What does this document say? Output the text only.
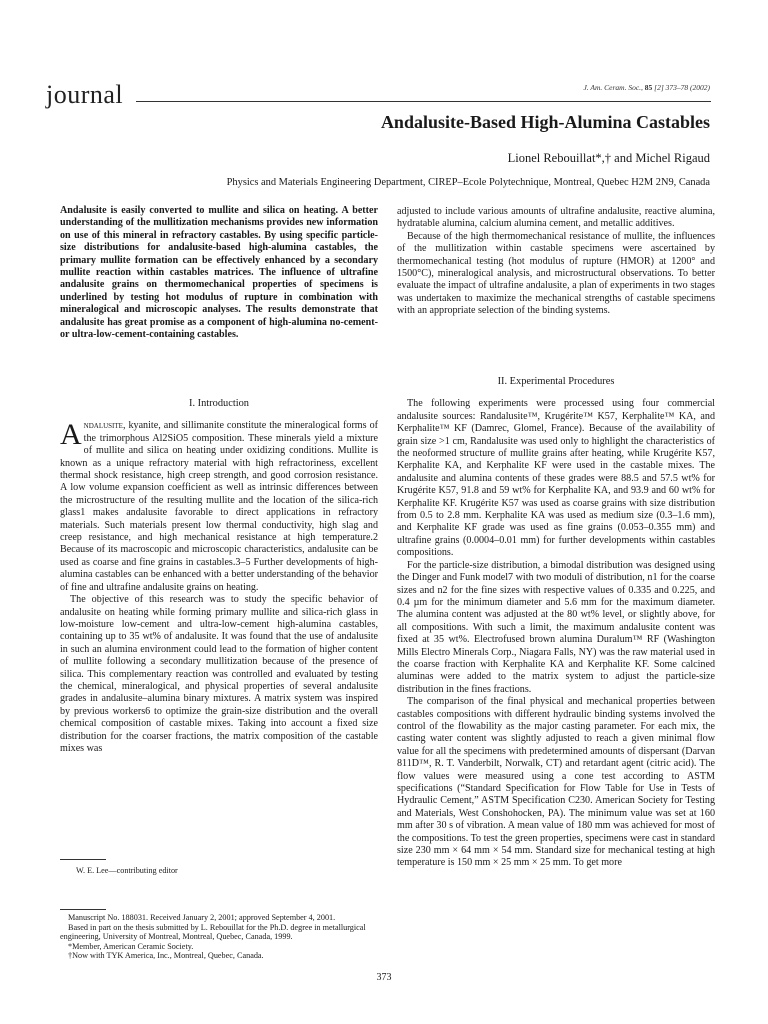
journal	J. Am. Ceram. Soc., 85 [2] 373–78 (2002)
Andalusite-Based High-Alumina Castables
Lionel Rebouillat*,† and Michel Rigaud
Physics and Materials Engineering Department, CIREP–Ecole Polytechnique, Montreal, Quebec H2M 2N9, Canada
Andalusite is easily converted to mullite and silica on heating. A better understanding of the mullitization mechanisms provides new information on use of this mineral in refractory castables. By using specific particle-size distributions for andalusite-based high-alumina castables, the primary mullite formation can be effectively enhanced by a secondary mullite reaction within castables matrices. The influence of ultrafine andalusite grains on thermomechanical properties of specimens is underlined by testing hot modulus of rupture in combination with mineralogical and microscopic analyses. The results demonstrate that andalusite has great promise as a component of high-alumina no-cement- or ultra-low-cement-containing castables.

I. Introduction

Andalusite, kyanite, and sillimanite constitute the mineralogical forms of the trimorphous Al2SiO5 composition. These minerals yield a mixture of mullite and silica on heating under oxidizing conditions. Mullite is known as a unique refractory material with high refractoriness, excellent thermal shock resistance, high creep strength, and good corrosion resistance. A low volume expansion coefficient as well as intrinsic differences between the microstructure of the resulting mullite and the location of the silica-rich glass1 makes andalusite favorable to direct applications in refractory materials. Such materials present low thermal conductivity, high slag and creep resistance, and high mechanical resistance at high temperature.2 Because of its macroscopic and microscopic characteristics, andalusite can be used as coarse and fine grains in castables.3–5 Further developments of high-alumina castables can be enhanced with a better understanding of the behavior of fine and ultrafine andalusite grains on heating.

The objective of this research was to study the specific behavior of andalusite on heating while forming primary mullite and silica-rich glass in low-moisture low-cement and ultra-low-cement high-alumina castables, containing up to 35 wt% of andalusite. It was found that the use of andalusite in such an alumina environment could lead to the formation of higher content of mullite following a secondary mullitization because of the presence of silica. This complementary reaction was controlled and evaluated by testing the chemical, mineralogical, and physical properties of several andalusite grades in andalusite–alumina binary mixtures. A matrix system was inspired by previous workers6 to optimize the grain-size distribution and the overall chemical composition of castable mixes. Taking into account a fixed size distribution for the coarser fractions, the matrix composition of the castable mixes was

W. E. Lee—contributing editor

Manuscript No. 188031. Received January 2, 2001; approved September 4, 2001.

Based in part on the thesis submitted by L. Rebouillat for the Ph.D. degree in metallurgical engineering, University of Montreal, Montreal, Quebec, Canada, 1999.

*Member, American Ceramic Society.

†Now with TYK America, Inc., Montreal, Quebec, Canada.

adjusted to include various amounts of ultrafine andalusite, reactive alumina, hydratable alumina, calcium alumina cement, and metallic additives.

Because of the high thermomechanical resistance of mullite, the influences of the mullitization within castable specimens were ascertained by thermomechanical testing (hot modulus of rupture (HMOR) at 1200° and 1500°C), mineralogical analysis, and microstructural observations. To better evaluate the impact of ultrafine andalusite, a plan of experiments in two stages was undertaken to maximize the mechanical strengths of castable specimens with an appropriate selection of the binding systems.

II. Experimental Procedures

The following experiments were processed using four commercial andalusite sources: Randalusite™, Krugérite™ K57, Kerphalite™ KA, and Kerphalite™ KF (Damrec, Glomel, France). Because of the availability of grain size >1 cm, Randalusite was used only to highlight the characteristics of the neoformed structure of mullite grains after heating, while Krugérite K57, Kerphalite KA, and Kerphalite KF were used in the castable mixes. The andalusite and alumina contents of these grades were 88.5 and 57.5 wt% for Krugérite K57, 91.8 and 59 wt% for Kerphalite KA, and 93.9 and 60 wt% for Kerphalite KF. Krugérite K57 was used as coarse grains with size distribution from 0.5 to 2.8 mm. Kerphalite KA was used as medium size (0.3–1.6 mm), and Kerphalite KF grade was used as fine grains (0.053–0.355 mm) and ultrafine grains (0.0004–0.01 mm) for further developments within castables compositions.

For the particle-size distribution, a bimodal distribution was designed using the Dinger and Funk model7 with two moduli of distribution, n1 for the coarse sizes and n2 for the fine sizes with respective values of 0.335 and 0.225, and 0.4 µm for the minimum diameter and 5.6 mm for the maximum diameter. The alumina content was adjusted at the 80 wt% level, or slightly above, for all compositions. With such a limit, the maximum andalusite content was fixed at 35 wt%. Electrofused brown alumina Duralum™ RF (Washington Mills Electro Minerals Corp., Niagara Falls, NY) was the raw material used in the coarse fraction with Kerphalite KA and Kerphalite KF. Some calcined aluminas were added to the matrix system to adjust the particle-size distribution in the fines fractions.

The comparison of the final physical and mechanical properties between castables compositions with different hydraulic binding systems involved the control of the flowability as the major casting parameter. For each mix, the casting water content was slightly adjusted to reach a given minimal flow value for all the specimens with predetermined amounts of dispersant (Darvan 811D™, R. T. Vanderbilt, Norwalk, CT) and retardant agent (citric acid). The flow values were measured using a cone test according to ASTM specifications (“Standard Specification for Flow Table for Use in Tests of Hydraulic Cement,” ASTM Specification C230. American Society for Testing and Materials, West Conshohocken, PA). The minimum value was set at 160 mm after 30 s of vibration. A mean value of 180 mm was achieved for most of the compositions. To test the green properties, specimens were cast in standard size 230 mm × 64 mm × 54 mm. Standard size for mechanical testing at high temperature is 150 mm × 25 mm × 25 mm. To get more

373
